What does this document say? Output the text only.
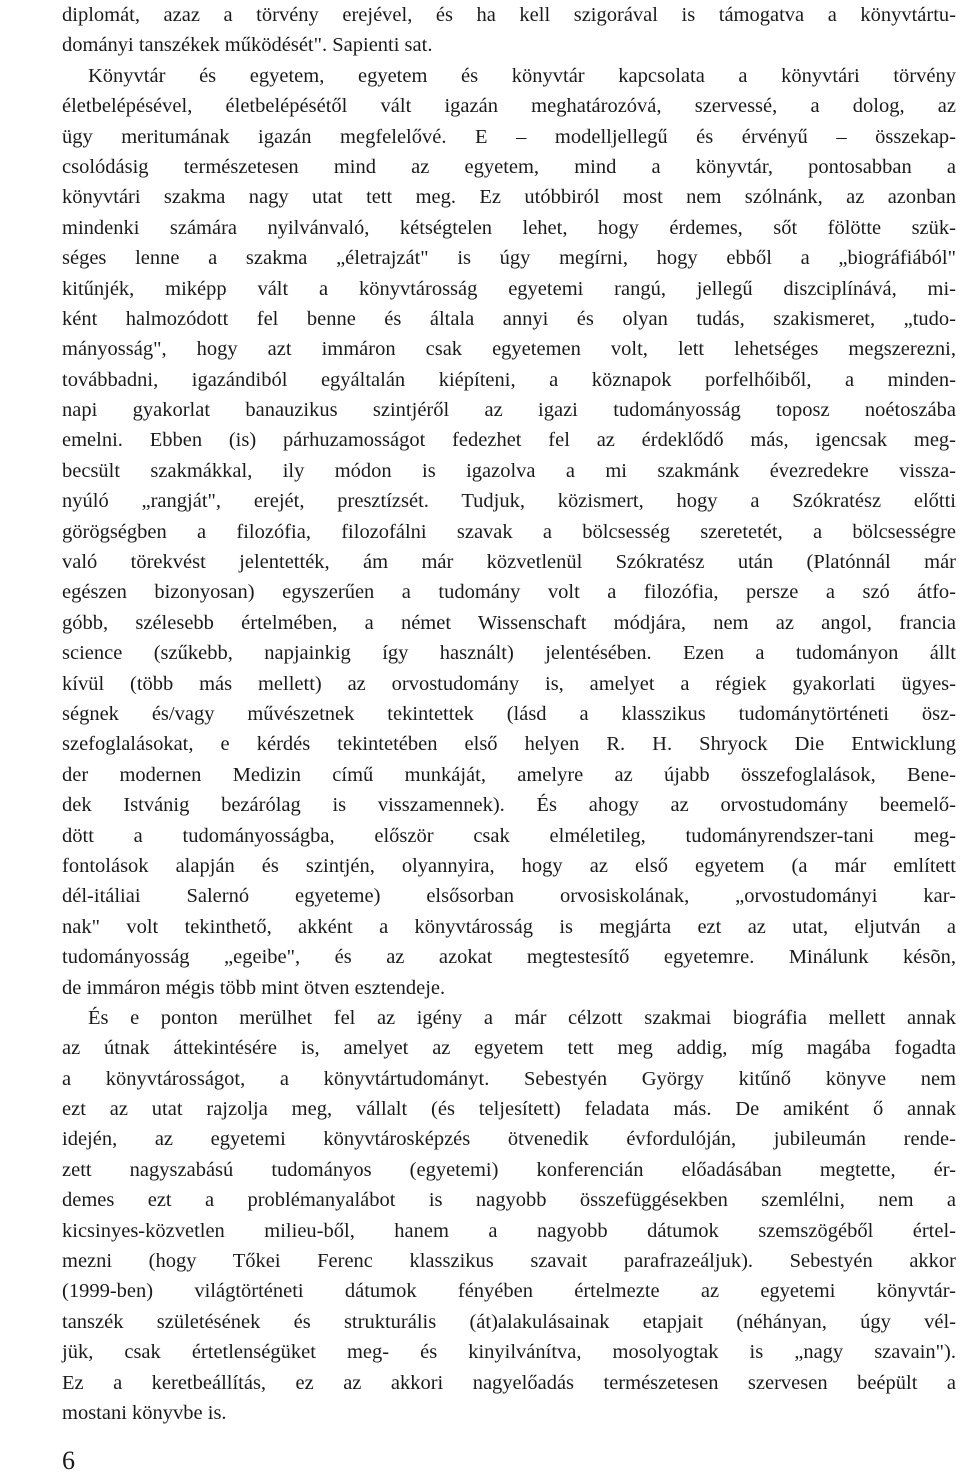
diplomát, azaz a törvény erejével, és ha kell szigorával is támogatva a könyvtártu-
dományi tanszékek működését". Sapienti sat.
Könyvtár és egyetem, egyetem és könyvtár kapcsolata a könyvtári törvény
életbelépésével, életbelépésétől vált igazán meghatározóvá, szervessé, a dolog, az
ügy meritumának igazán megfelelővé. E – modelljellegű és érvényű – összekap-
csolódásig természetesen mind az egyetem, mind a könyvtár, pontosabban a
könyvtári szakma nagy utat tett meg. Ez utóbbiról most nem szólnánk, az azonban
mindenki számára nyilvánvaló, kétségtelen lehet, hogy érdemes, sőt fölötte szük-
séges lenne a szakma „életrajzát" is úgy megírni, hogy ebből a „biográfiából"
kitűnjék, miképp vált a könyvtárosság egyetemi rangú, jellegű diszciplínává, mi-
ként halmozódott fel benne és általa annyi és olyan tudás, szakismeret, „tudo-
mányosság", hogy azt immáron csak egyetemen volt, lett lehetséges megszerezni,
továbbadni, igazándiból egyáltalán kiépíteni, a köznapok porfelhőiből, a minden-
napi gyakorlat banauzikus szintjéről az igazi tudományosság toposz noétoszába
emelni. Ebben (is) párhuzamosságot fedezhet fel az érdeklődő más, igencsak meg-
becsült szakmákkal, ily módon is igazolva a mi szakmánk évezredekre vissza-
nyúló „rangját", erejét, presztízsét. Tudjuk, közismert, hogy a Szókratész előtti
görögségben a filozófia, filozofálni szavak a bölcsesség szeretetét, a bölcsességre
való törekvést jelentették, ám már közvetlenül Szókratész után (Platónnál már
egészen bizonyosan) egyszerűen a tudomány volt a filozófia, persze a szó átfo-
góbb, szélesebb értelmében, a német Wissenschaft módjára, nem az angol, francia
science (szűkebb, napjainkig így használt) jelentésében. Ezen a tudományon állt
kívül (több más mellett) az orvostudomány is, amelyet a régiek gyakorlati ügyes-
ségnek és/vagy művészetnek tekintettek (lásd a klasszikus tudománytörténeti ösz-
szefoglalásokat, e kérdés tekintetében első helyen R. H. Shryock Die Entwicklung
der modernen Medizin című munkáját, amelyre az újabb összefoglalások, Bene-
dek Istvánig bezárólag is visszamennek). És ahogy az orvostudomány beemelő-
dött a tudományosságba, először csak elméletileg, tudományrendszer-tani meg-
fontolások alapján és szintjén, olyannyira, hogy az első egyetem (a már említett
dél-itáliai Salernó egyeteme) elsősorban orvosiskolának, „orvostudományi kar-
nak" volt tekinthető, akként a könyvtárosság is megjárta ezt az utat, eljutván a
tudományosság „egeibe", és az azokat megtestesítő egyetemre. Minálunk késõn,
de immáron mégis több mint ötven esztendeje.
És e ponton merülhet fel az igény a már célzott szakmai biográfia mellett annak
az útnak áttekintésére is, amelyet az egyetem tett meg addig, míg magába fogadta
a könyvtárosságot, a könyvtártudományt. Sebestyén György kitűnő könyve nem
ezt az utat rajzolja meg, vállalt (és teljesített) feladata más. De amiként ő annak
idején, az egyetemi könyvtárosképzés ötvenedik évfordulóján, jubileumán rende-
zett nagyszabású tudományos (egyetemi) konferencián előadásában megtette, ér-
demes ezt a problémanyalábot is nagyobb összefüggésekben szemlélni, nem a
kicsinyes-közvetlen milieu-ből, hanem a nagyobb dátumok szemszögéből értel-
mezni (hogy Tőkei Ferenc klasszikus szavait parafrazeáljuk). Sebestyén akkor
(1999-ben) világtörténeti dátumok fényében értelmezte az egyetemi könyvtár-
tanszék születésének és strukturális (át)alakulásainak etapjait (néhányan, úgy vél-
jük, csak értetlenségüket meg- és kinyilvánítva, mosolyogtak is „nagy szavain").
Ez a keretbeállítás, ez az akkori nagyelőadás természetesen szervesen beépült a
mostani könyvbe is.
6
